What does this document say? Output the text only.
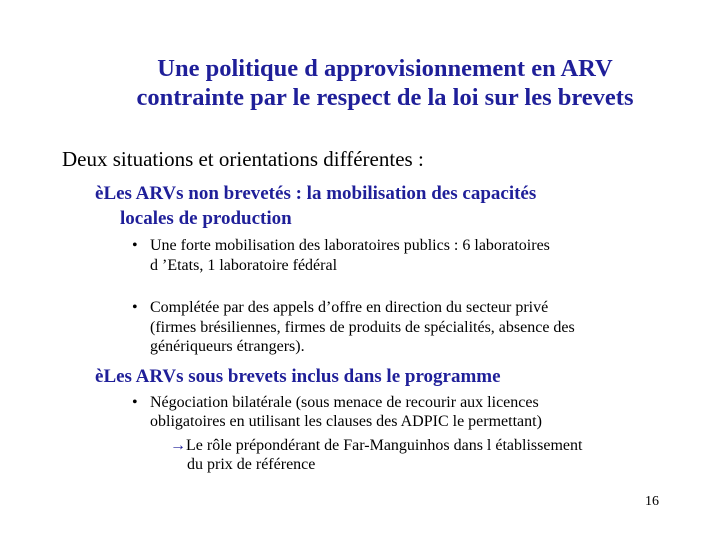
Une politique d approvisionnement en ARV
contrainte par le respect de la loi sur les brevets
Deux situations et orientations différentes :
èLes ARVs non brevetés : la mobilisation des capacités
locales de production
• Une forte mobilisation des laboratoires publics : 6 laboratoires
d ’Etats, 1 laboratoire fédéral
• Complétée par des appels d’offre en direction du secteur privé
(firmes brésiliennes, firmes de produits de spécialités, absence des
génériqueurs étrangers).
èLes ARVs sous brevets inclus dans le programme
• Négociation bilatérale (sous menace de recourir aux licences
obligatoires en utilisant les clauses des ADPIC le permettant)
→Le rôle prépondérant de Far-Manguinhos dans l établissement
du prix de référence
16
